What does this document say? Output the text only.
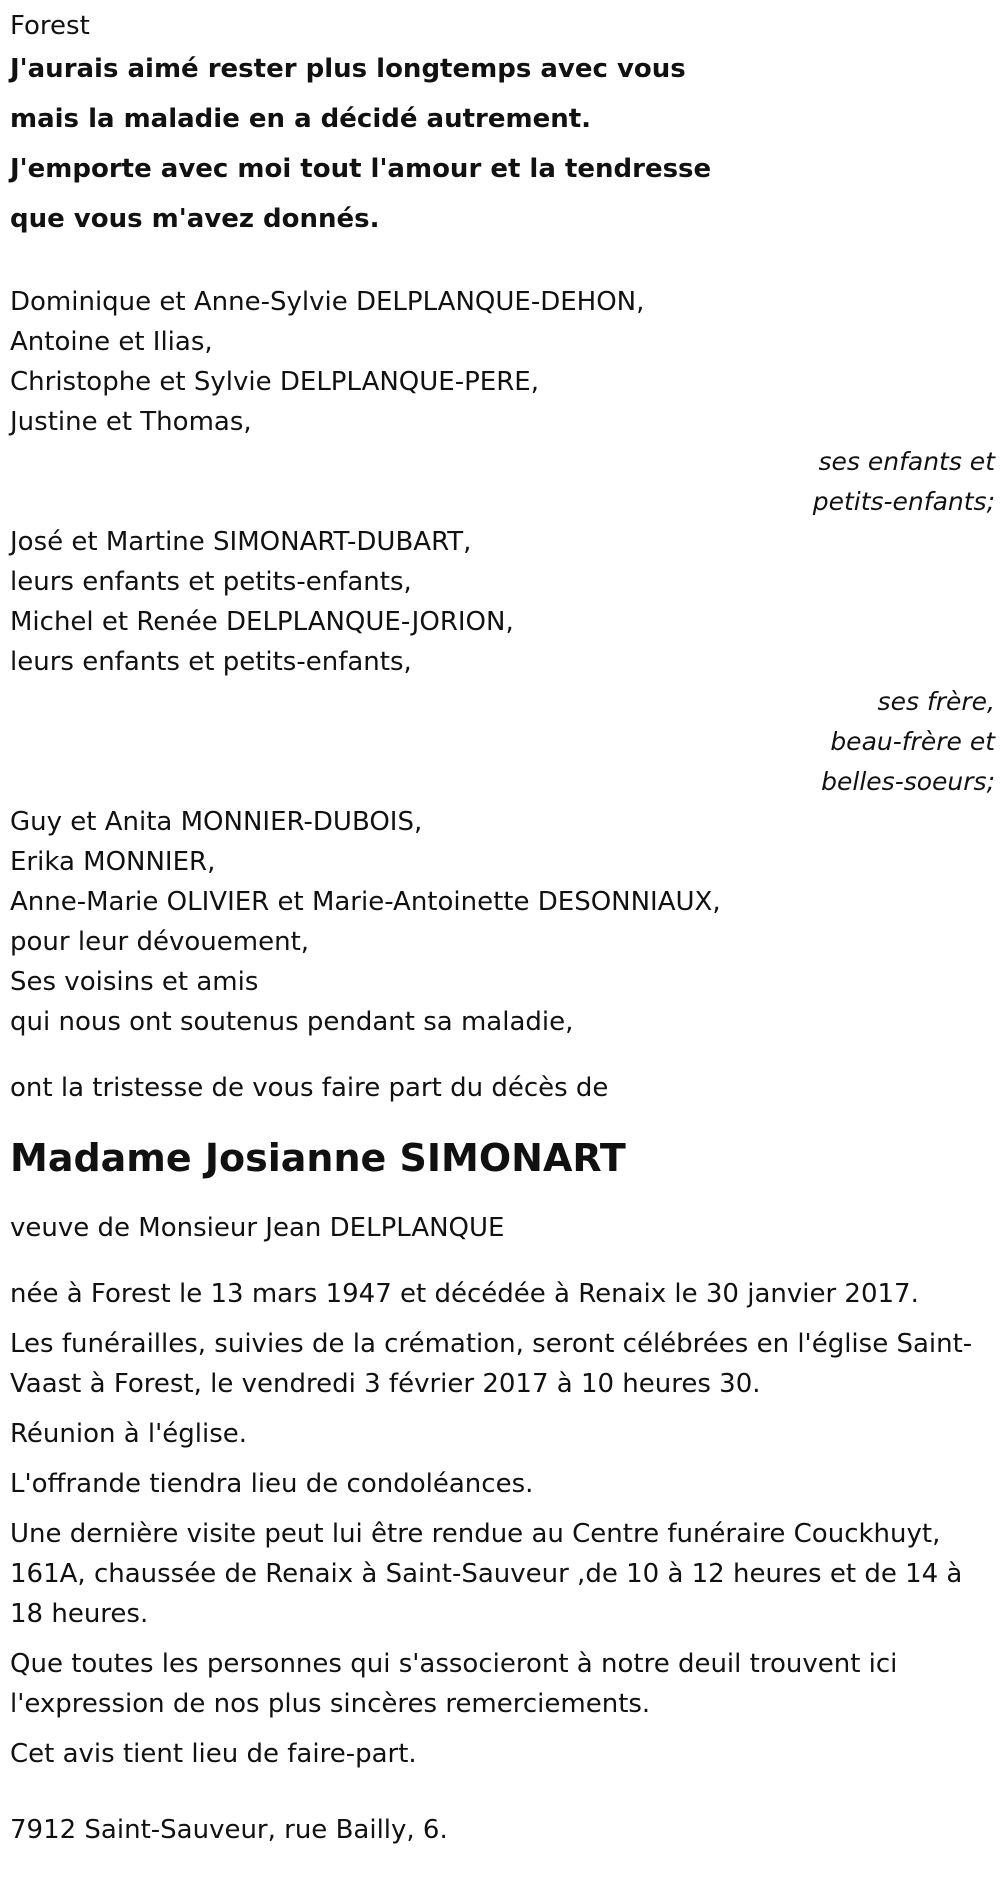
Forest
J'aurais aimé rester plus longtemps avec vous
mais la maladie en a décidé autrement.
J'emporte avec moi tout l'amour et la tendresse
que vous m'avez donnés.
Dominique et Anne-Sylvie DELPLANQUE-DEHON,
Antoine et Ilias,
Christophe et Sylvie DELPLANQUE-PERE,
Justine et Thomas,
ses enfants et
petits-enfants;
José et Martine SIMONART-DUBART,
leurs enfants et petits-enfants,
Michel et Renée DELPLANQUE-JORION,
leurs enfants et petits-enfants,
ses frère,
beau-frère et
belles-soeurs;
Guy et Anita MONNIER-DUBOIS,
Erika MONNIER,
Anne-Marie OLIVIER et Marie-Antoinette DESONNIAUX,
pour leur dévouement,
Ses voisins et amis
qui nous ont soutenus pendant sa maladie,
ont la tristesse de vous faire part du décès de
Madame Josianne SIMONART
veuve de Monsieur Jean DELPLANQUE
née à Forest le 13 mars 1947 et décédée à Renaix le 30 janvier 2017.
Les funérailles, suivies de la crémation, seront célébrées en l'église Saint-Vaast à Forest, le vendredi 3 février 2017 à 10 heures 30.
Réunion à l'église.
L'offrande tiendra lieu de condoléances.
Une dernière visite peut lui être rendue au Centre funéraire Couckhuyt, 161A, chaussée de Renaix à Saint-Sauveur ,de 10 à 12 heures et de 14 à 18 heures.
Que toutes les personnes qui s'associeront à notre deuil trouvent ici l'expression de nos plus sincères remerciements.
Cet avis tient lieu de faire-part.
7912 Saint-Sauveur, rue Bailly, 6.
